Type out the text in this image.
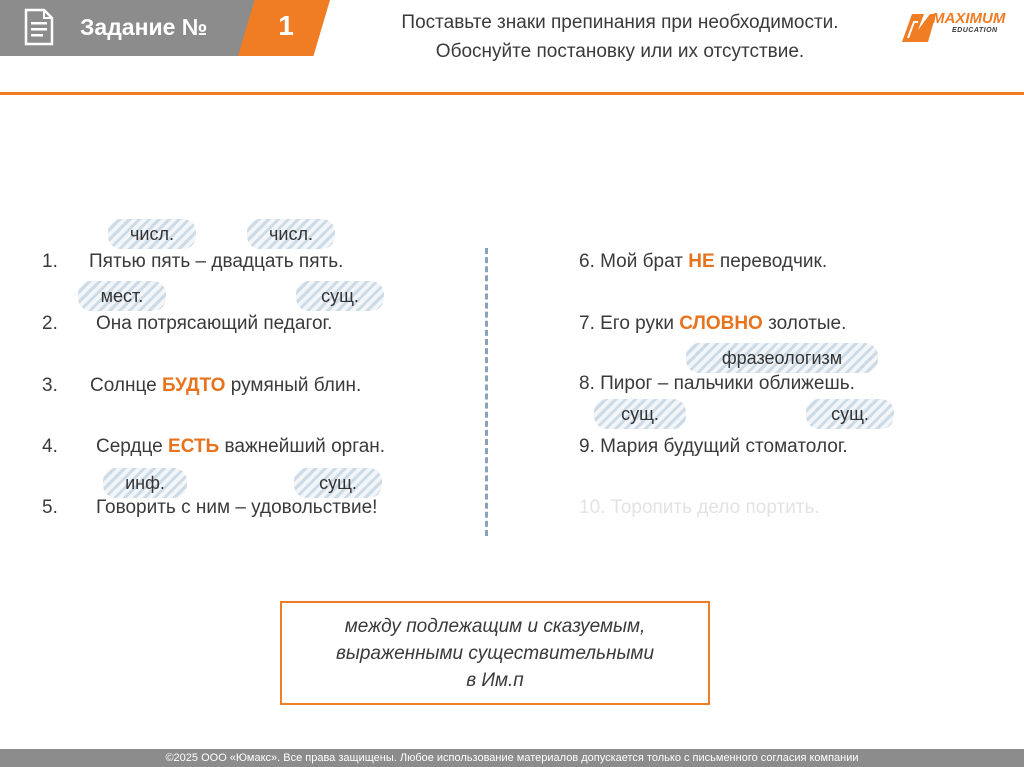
Задание №	1	Поставьте знаки препинания при необходимости.
Обоснуйте постановку или их отсутствие.
MAXIMUM
EDUCATION
числ.	числ.
мест.	сущ.
инф.	сущ.
1. Пятью пять – двадцать пять.
2. Она потрясающий педагог.
3. Солнце БУДТО румяный блин.
4. Сердце ЕСТЬ важнейший орган.
5. Говорить с ним – удовольствие!
фразеологизм
сущ.	сущ.
6. Мой брат НЕ переводчик.
7. Его руки СЛОВНО золотые.
8. Пирог – пальчики оближешь.
9. Мария будущий стоматолог.
10. Торопить дело портить.
между подлежащим и сказуемым,
выраженными существительными
в Им.п
©2025 ООО «Юмакс». Все права защищены. Любое использование материалов допускается только с письменного согласия компании
